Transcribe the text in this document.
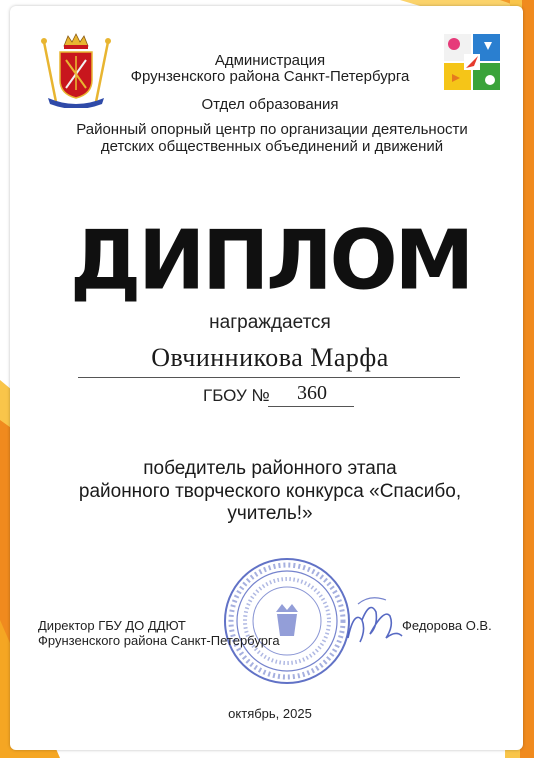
Администрация
Фрунзенского района Санкт-Петербурга
Отдел образования
Районный опорный центр по организации деятельности
детских общественных объединений и движений
ДИПЛОМ
награждается
Овчинникова Марфа
ГБОУ №	360
победитель районного этапа
районного творческого конкурса «Спасибо,
учитель!»
Директор ГБУ ДО ДДЮТ
Фрунзенского района Санкт-Петербурга
Федорова О.В.
октябрь, 2025
